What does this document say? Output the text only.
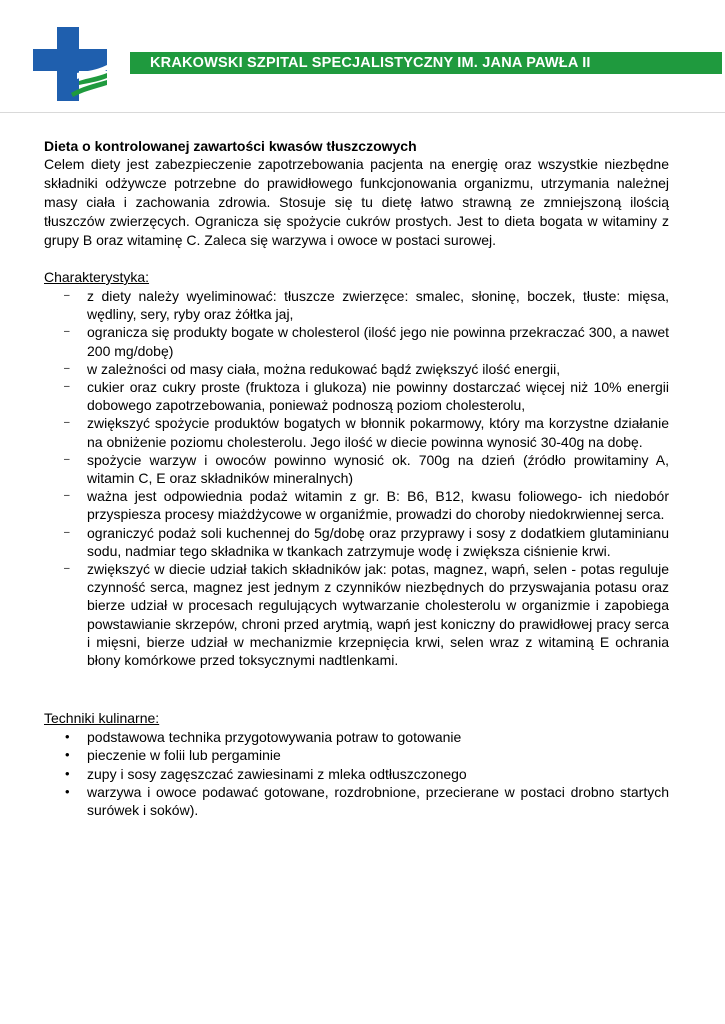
KRAKOWSKI SZPITAL SPECJALISTYCZNY IM. JANA PAWŁA II
Dieta o kontrolowanej zawartości kwasów tłuszczowych

Celem diety jest zabezpieczenie zapotrzebowania pacjenta na energię oraz wszystkie niezbędne składniki odżywcze potrzebne do prawidłowego funkcjonowania organizmu, utrzymania należnej masy ciała i zachowania zdrowia. Stosuje się tu dietę łatwo strawną ze zmniejszoną ilością tłuszczów zwierzęcych. Ogranicza się spożycie cukrów prostych. Jest to dieta bogata w witaminy z grupy B oraz witaminę C. Zaleca się warzywa i owoce w postaci surowej.

Charakterystyka:

– z diety należy wyeliminować: tłuszcze zwierzęce: smalec, słoninę, boczek, tłuste: mięsa, wędliny, sery, ryby oraz żółtka jaj,
– ogranicza się produkty bogate w cholesterol (ilość jego nie powinna przekraczać 300, a nawet 200 mg/dobę)
– w zależności od masy ciała, można redukować bądź zwiększyć ilość energii,
– cukier oraz cukry proste (fruktoza i glukoza) nie powinny dostarczać więcej niż 10% energii dobowego zapotrzebowania, ponieważ podnoszą poziom cholesterolu,
– zwiększyć spożycie produktów bogatych w błonnik pokarmowy, który ma korzystne działanie na obniżenie poziomu cholesterolu. Jego ilość w diecie powinna wynosić 30-40g na dobę.
– spożycie warzyw i owoców powinno wynosić ok. 700g na dzień (źródło prowitaminy A, witamin C, E oraz składników mineralnych)
– ważna jest odpowiednia podaż witamin z gr. B: B6, B12, kwasu foliowego- ich niedobór przyspiesza procesy miażdżycowe w organiźmie, prowadzi do choroby niedokrwiennej serca.
– ograniczyć podaż soli kuchennej do 5g/dobę oraz przyprawy i sosy z dodatkiem glutaminianu sodu, nadmiar tego składnika w tkankach zatrzymuje wodę i zwiększa ciśnienie krwi.
– zwiększyć w diecie udział takich składników jak: potas, magnez, wapń, selen - potas reguluje czynność serca, magnez jest jednym z czynników niezbędnych do przyswajania potasu oraz bierze udział w procesach regulujących wytwarzanie cholesterolu w organizmie i zapobiega powstawianie skrzepów, chroni przed arytmią, wapń jest koniczny do prawidłowej pracy serca i mięsni, bierze udział w mechanizmie krzepnięcia krwi, selen wraz z witaminą E ochrania błony komórkowe przed toksycznymi nadtlenkami.

Techniki kulinarne:

• podstawowa technika przygotowywania potraw to gotowanie
• pieczenie w folii lub pergaminie
• zupy i sosy zagęszczać zawiesinami z mleka odtłuszczonego
• warzywa i owoce podawać gotowane, rozdrobnione, przecierane w postaci drobno startych surówek i soków).
